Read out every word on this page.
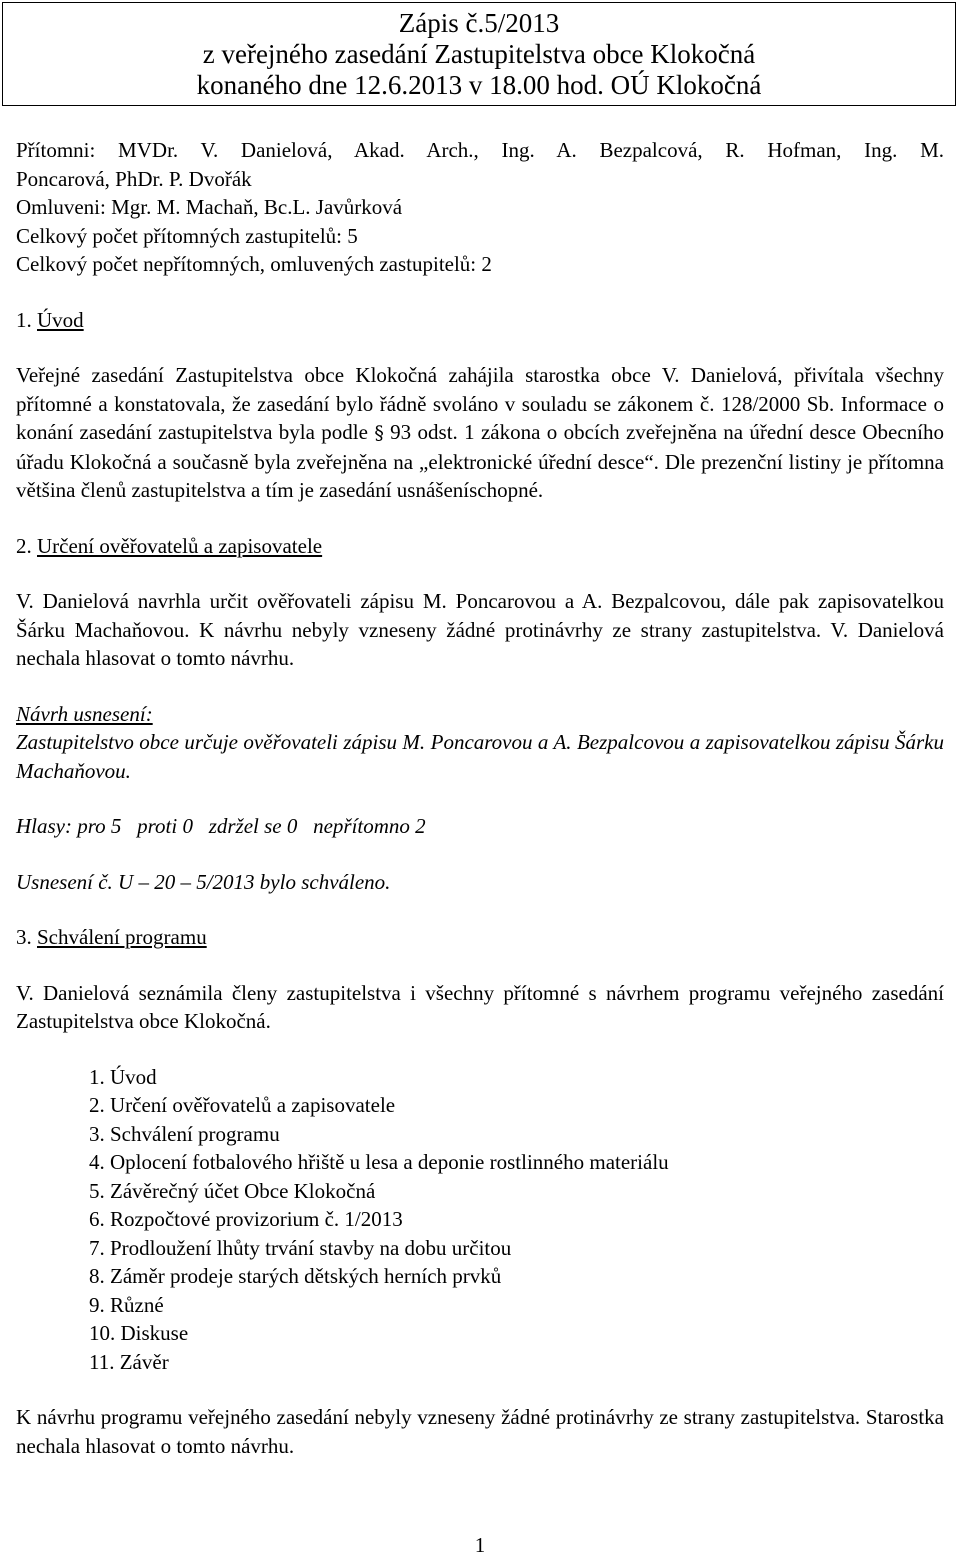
Zápis č.5/2013
z veřejného zasedání Zastupitelstva obce Klokočná
konaného dne 12.6.2013 v 18.00 hod. OÚ Klokočná

Přítomni: MVDr. V. Danielová, Akad. Arch., Ing. A. Bezpalcová, R. Hofman, Ing. M.

Poncarová, PhDr. P. Dvořák

Omluveni: Mgr. M. Machaň, Bc.L. Javůrková

Celkový počet přítomných zastupitelů: 5

Celkový počet nepřítomných, omluvených zastupitelů: 2

1. Úvod

Veřejné zasedání Zastupitelstva obce Klokočná zahájila starostka obce V. Danielová, přivítala všechny přítomné a konstatovala, že zasedání bylo řádně svoláno v souladu se zákonem č. 128/2000 Sb. Informace o konání zasedání zastupitelstva byla podle § 93 odst. 1 zákona o obcích zveřejněna na úřední desce Obecního úřadu Klokočná a současně byla zveřejněna na „elektronické úřední desce“. Dle prezenční listiny je přítomna většina členů zastupitelstva a tím je zasedání usnášeníschopné.

2. Určení ověřovatelů a zapisovatele

V. Danielová navrhla určit ověřovateli zápisu M. Poncarovou a A. Bezpalcovou, dále pak zapisovatelkou Šárku Machaňovou. K návrhu nebyly vzneseny žádné protinávrhy ze strany zastupitelstva. V. Danielová nechala hlasovat o tomto návrhu.

Návrh usnesení:

Zastupitelstvo obce určuje ověřovateli zápisu M. Poncarovou a A. Bezpalcovou a zapisovatelkou zápisu Šárku Machaňovou.

Hlasy: pro 5   proti 0   zdržel se 0   nepřítomno 2

Usnesení č. U – 20 – 5/2013 bylo schváleno.

3. Schválení programu

V. Danielová seznámila členy zastupitelstva i všechny přítomné s návrhem programu veřejného zasedání Zastupitelstva obce Klokočná.

1. Úvod
2. Určení ověřovatelů a zapisovatele
3. Schválení programu
4. Oplocení fotbalového hřiště u lesa a deponie rostlinného materiálu
5. Závěrečný účet Obce Klokočná
6. Rozpočtové provizorium č. 1/2013
7. Prodloužení lhůty trvání stavby na dobu určitou
8. Záměr prodeje starých dětských herních prvků
9. Různé
10. Diskuse
11. Závěr

K návrhu programu veřejného zasedání nebyly vzneseny žádné protinávrhy ze strany zastupitelstva. Starostka nechala hlasovat o tomto návrhu.

1
